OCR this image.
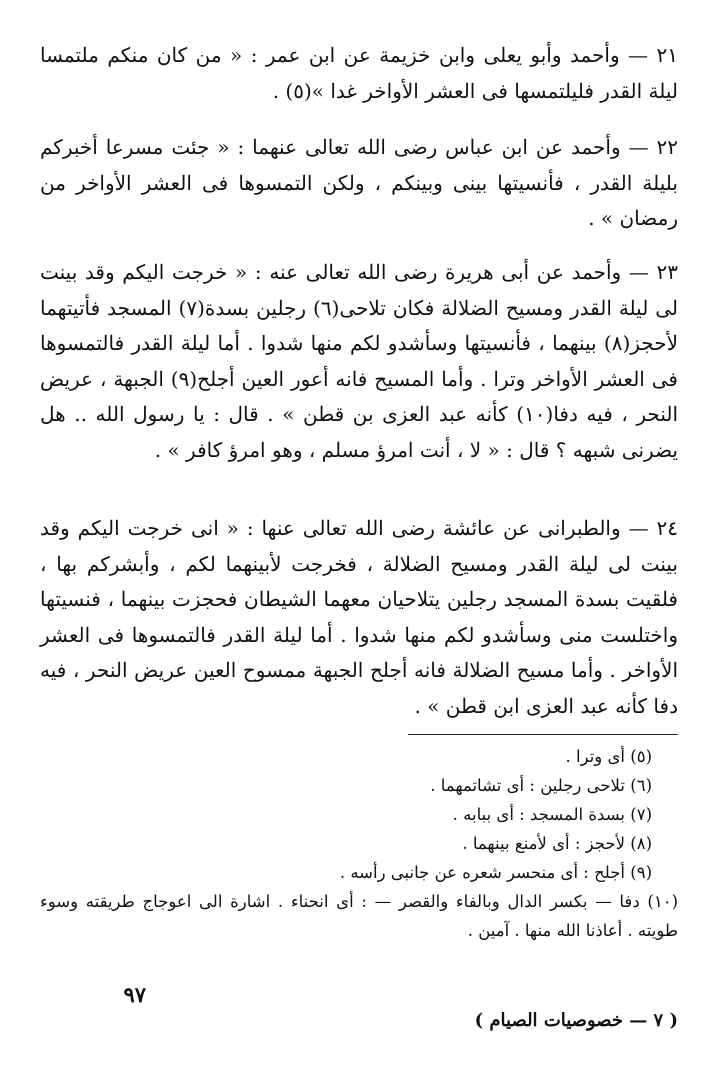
٢١ — وأحمد وأبو يعلى وابن خزيمة عن ابن عمر : « من كان منكم ملتمسا ليلة القدر فليلتمسها فى العشر الأواخر غدا »(٥) .

٢٢ — وأحمد عن ابن عباس رضى الله تعالى عنهما : « جئت مسرعا أخبركم بليلة القدر ، فأنسيتها بينى وبينكم ، ولكن التمسوها فى العشر الأواخر من رمضان » .

٢٣ — وأحمد عن أبى هريرة رضى الله تعالى عنه : « خرجت اليكم وقد بينت لى ليلة القدر ومسيح الضلالة فكان تلاحى(٦) رجلين بسدة(٧) المسجد فأتيتهما لأحجز(٨) بينهما ، فأنسيتها وسأشدو لكم منها شدوا . أما ليلة القدر فالتمسوها فى العشر الأواخر وترا . وأما المسيح فانه أعور العين أجلح(٩) الجبهة ، عريض النحر ، فيه دفا(١٠) كأنه عبد العزى بن قطن » . قال : يا رسول الله .. هل يضرنى شبهه ؟ قال : « لا ، أنت امرؤ مسلم ، وهو امرؤ كافر » .

٢٤ — والطبرانى عن عائشة رضى الله تعالى عنها : « انى خرجت اليكم وقد بينت لى ليلة القدر ومسيح الضلالة ، فخرجت لأبينهما لكم ، وأبشركم بها ، فلقيت بسدة المسجد رجلين يتلاحيان معهما الشيطان فحجزت بينهما ، فنسيتها واختلست منى وسأشدو لكم منها شدوا . أما ليلة القدر فالتمسوها فى العشر الأواخر . وأما مسيح الضلالة فانه أجلح الجبهة ممسوح العين عريض النحر ، فيه دفا كأنه عبد العزى ابن قطن » .

(٥) أى وترا .
(٦) تلاحى رجلين : أى تشاتمهما .
(٧) بسدة المسجد : أى ببابه .
(٨) لأحجز : أى لأمنع بينهما .
(٩) أجلح : أى منحسر شعره عن جانبى رأسه .
(١٠) دفا — بكسر الدال وبالفاء والقصر — : أى انحناء . اشارة الى اعوجاج طريقته وسوء طويته . أعاذنا الله منها . آمين .
٩٧
( ٧ — خصوصيات الصيام )
